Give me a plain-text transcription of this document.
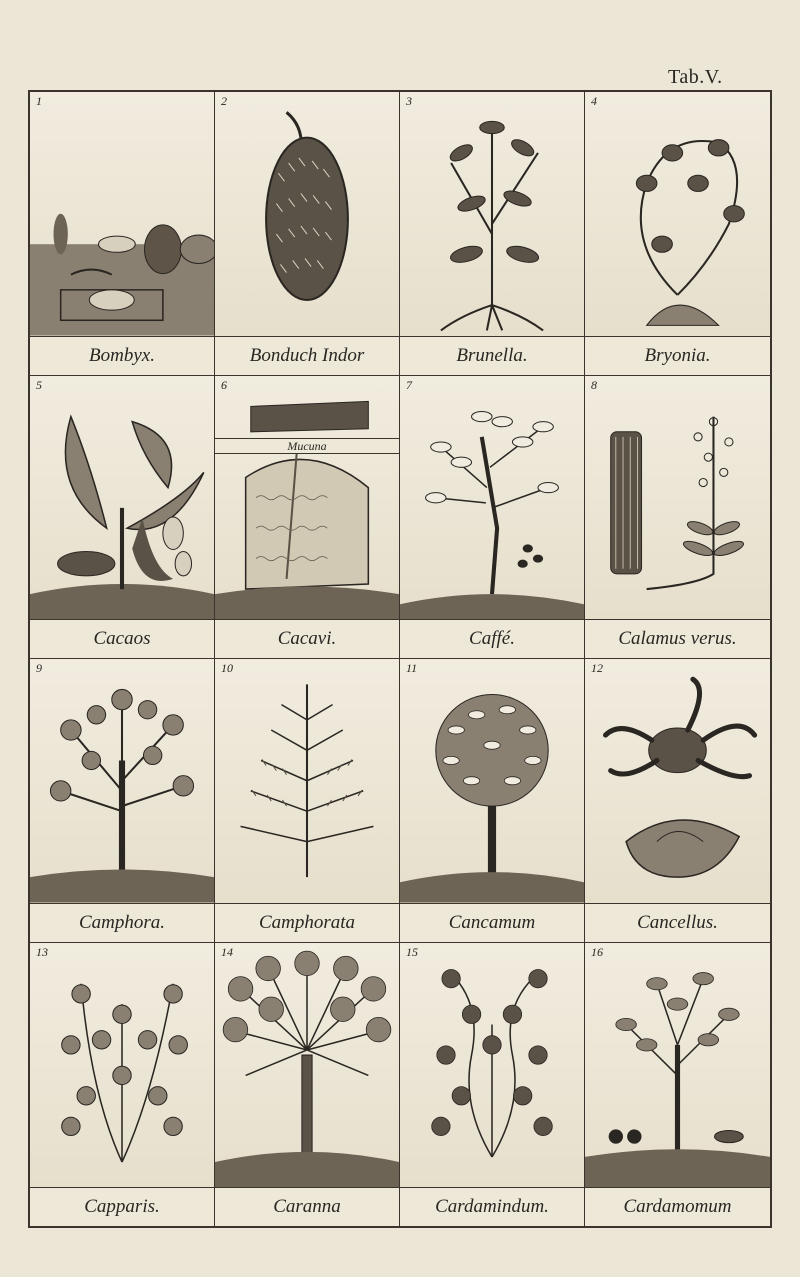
Tab.V.
1
Bombyx.
2
Bonduch Indor
3
Brunella.
4
Bryonia.
5
Cacaos
6
Mucuna
Cacavi.
7
Caffé.
8
Calamus verus.
9
Camphora.
10
Camphorata
11
Cancamum
12
Cancellus.
13
Capparis.
14
Caranna
15
Cardamindum.
16
Cardamomum
